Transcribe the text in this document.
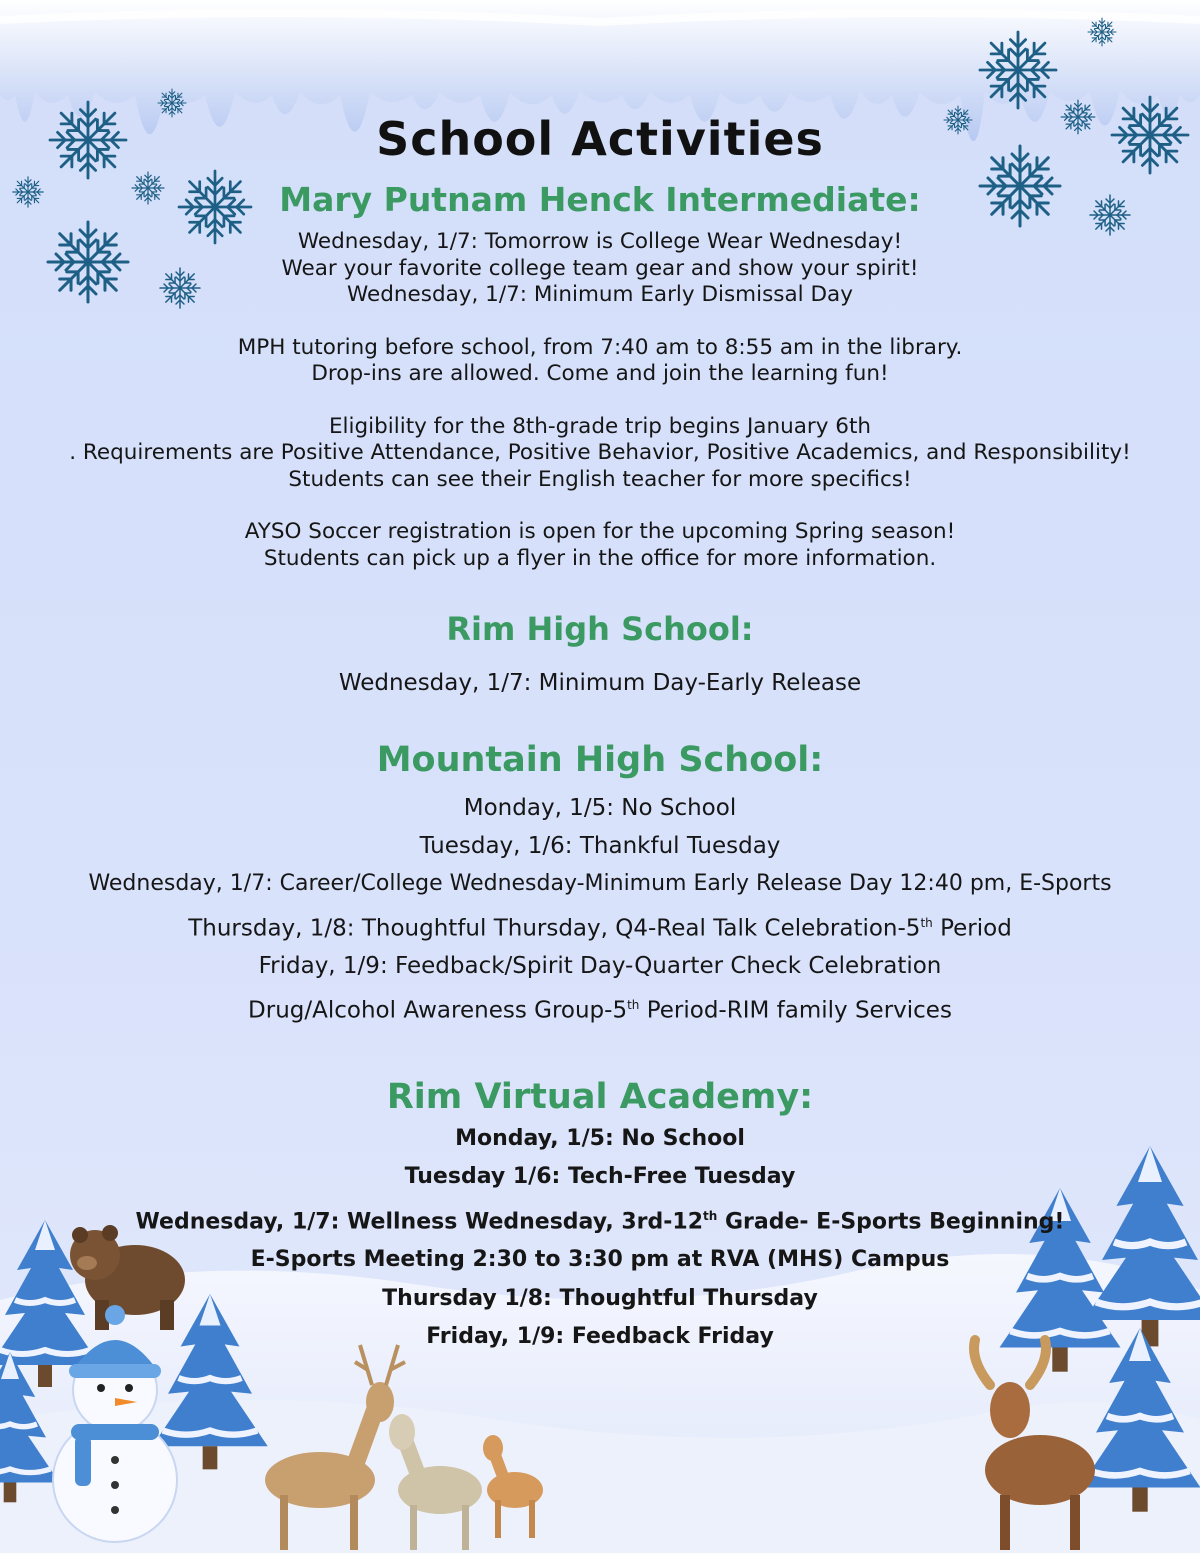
School Activities
Mary Putnam Henck Intermediate:
Wednesday, 1/7: Tomorrow is College Wear Wednesday!
Wear your favorite college team gear and show your spirit!
Wednesday, 1/7: Minimum Early Dismissal Day
MPH tutoring before school, from 7:40 am to 8:55 am in the library.
Drop-ins are allowed. Come and join the learning fun!
Eligibility for the 8th-grade trip begins January 6th
. Requirements are Positive Attendance, Positive Behavior, Positive Academics, and Responsibility!
Students can see their English teacher for more specifics!
AYSO Soccer registration is open for the upcoming Spring season!
Students can pick up a flyer in the office for more information.
Rim High School:
Wednesday, 1/7: Minimum Day-Early Release
Mountain High School:
Monday, 1/5: No School
Tuesday, 1/6: Thankful Tuesday
Wednesday, 1/7: Career/College Wednesday-Minimum Early Release Day 12:40 pm, E-Sports
Thursday, 1/8: Thoughtful Thursday, Q4-Real Talk Celebration-5th Period
Friday, 1/9: Feedback/Spirit Day-Quarter Check Celebration
Drug/Alcohol Awareness Group-5th Period-RIM family Services
Rim Virtual Academy:
Monday, 1/5: No School
Tuesday 1/6: Tech-Free Tuesday
Wednesday, 1/7: Wellness Wednesday, 3rd-12th Grade- E-Sports Beginning!
E-Sports Meeting 2:30 to 3:30 pm at RVA (MHS) Campus
Thursday 1/8: Thoughtful Thursday
Friday, 1/9: Feedback Friday
